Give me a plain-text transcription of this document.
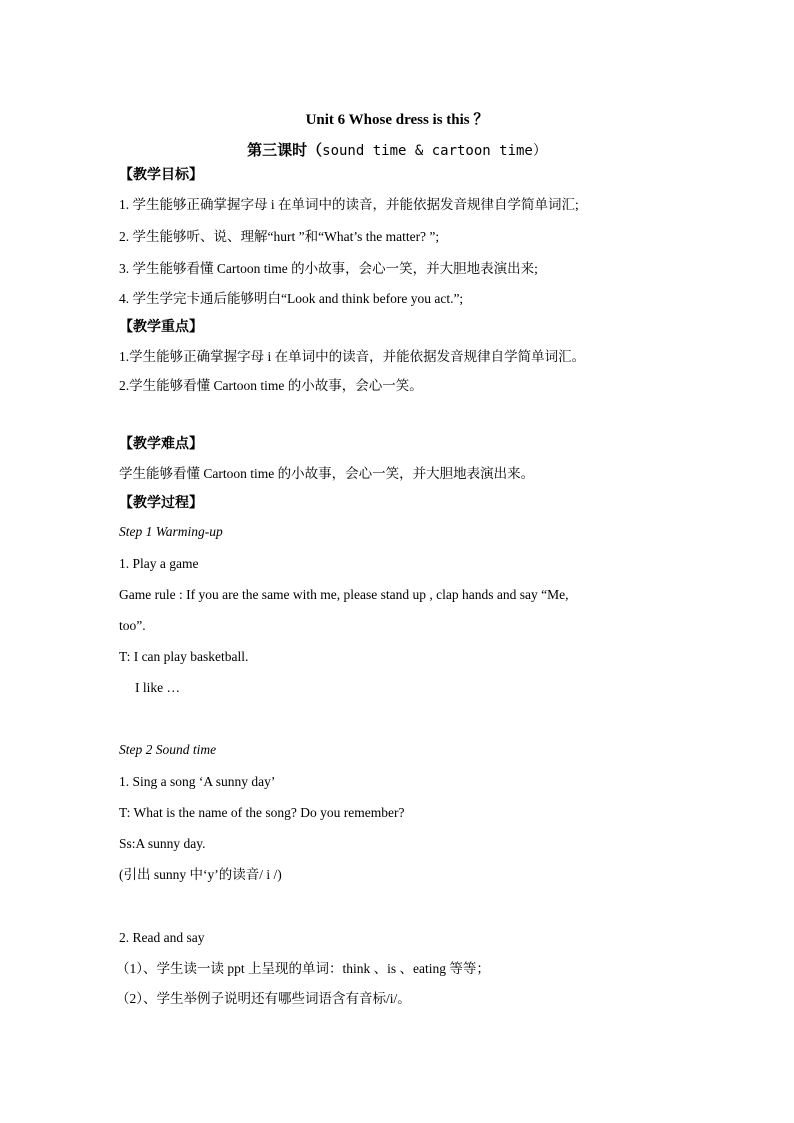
Unit 6 Whose dress is this ？
第三课时（sound time & cartoon time）
【教学目标】
1. 学生能够正确掌握字母 i 在单词中的读音，并能依据发音规律自学简单词汇;
2. 学生能够听、说、理解“hurt ”和“What’s the matter? ”;
3. 学生能够看懂 Cartoon time 的小故事，会心一笑，并大胆地表演出来;
4. 学生学完卡通后能够明白“Look and think before you act.”;
【教学重点】
1.学生能够正确掌握字母 i 在单词中的读音，并能依据发音规律自学简单词汇。
2.学生能够看懂 Cartoon time 的小故事，会心一笑。
【教学难点】
学生能够看懂 Cartoon time 的小故事，会心一笑，并大胆地表演出来。
【教学过程】
Step 1 Warming-up
1. Play a game
Game rule : If you are the same with me, please stand up , clap hands and say “Me,
too”.
T: I can play basketball.
I like …
Step 2 Sound time
1. Sing a song ‘A sunny day’
T: What is the name of the song? Do you remember?
Ss:A sunny day.
(引出 sunny 中‘y’的读音/ i /)
2. Read and say
（1）、学生读一读 ppt 上呈现的单词：think 、is 、eating 等等；
（2）、学生举例子说明还有哪些词语含有音标/i/。
